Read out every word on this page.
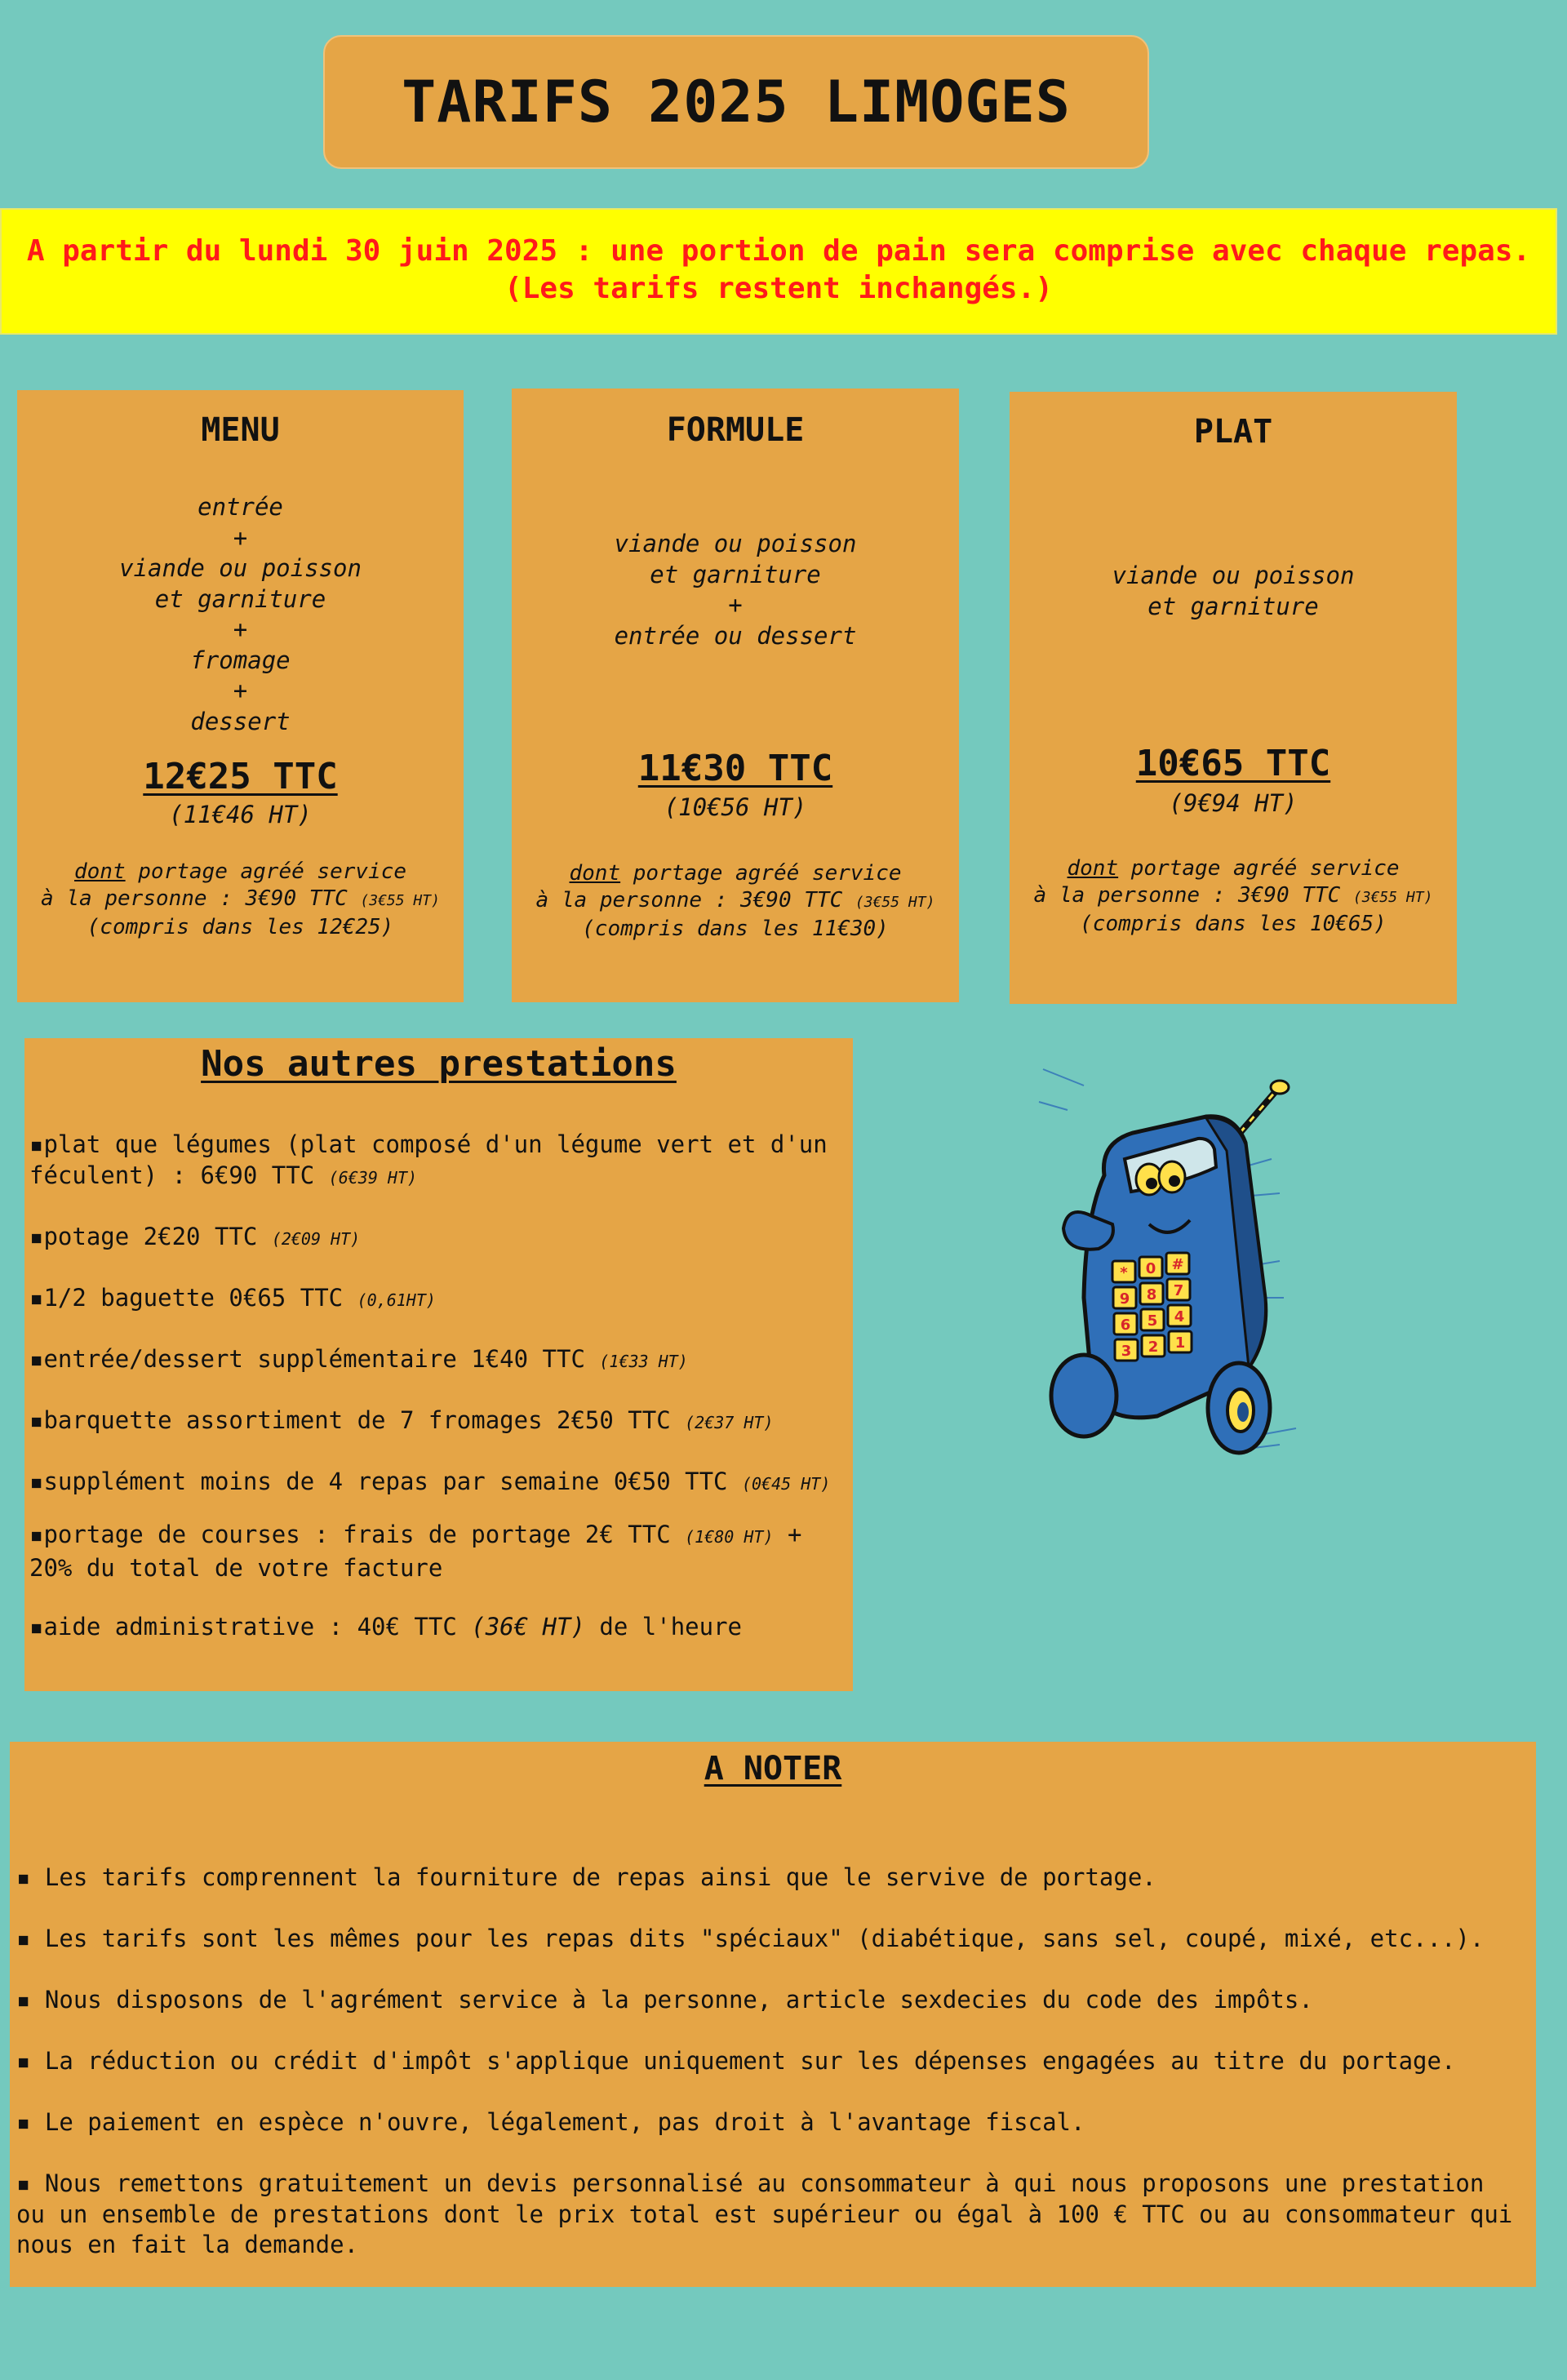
TARIFS 2025 LIMOGES
A partir du lundi 30 juin 2025 : une portion de pain sera comprise avec chaque repas.
(Les tarifs restent inchangés.)
MENU
entrée
+
viande ou poisson
et garniture
+
fromage
+
dessert
12€25 TTC
(11€46 HT)
dont portage agréé service
à la personne : 3€90 TTC (3€55 HT)
(compris dans les 12€25)
FORMULE
viande ou poisson
et garniture
+
entrée ou dessert
11€30 TTC
(10€56 HT)
dont portage agréé service
à la personne : 3€90 TTC (3€55 HT)
(compris dans les 11€30)
PLAT
viande ou poisson
et garniture
10€65 TTC
(9€94 HT)
dont portage agréé service
à la personne : 3€90 TTC (3€55 HT)
(compris dans les 10€65)
Nos autres prestations
▪plat que légumes (plat composé d'un légume vert et d'un
féculent) : 6€90 TTC (6€39 HT)
▪potage 2€20 TTC (2€09 HT)
▪1/2 baguette 0€65 TTC (0,61HT)
▪entrée/dessert supplémentaire 1€40 TTC (1€33 HT)
▪barquette assortiment de 7 fromages 2€50 TTC (2€37 HT)
▪supplément moins de 4 repas par semaine 0€50 TTC (0€45 HT)
▪portage de courses : frais de portage 2€ TTC (1€80 HT) +
20% du total de votre facture
▪aide administrative : 40€ TTC (36€ HT) de l'heure
* 0 #
9 8 7
6 5 4
3 2 1
A NOTER
▪ Les tarifs comprennent la fourniture de repas ainsi que le servive de portage.
▪ Les tarifs sont les mêmes pour les repas dits "spéciaux" (diabétique, sans sel, coupé, mixé, etc...).
▪ Nous disposons de l'agrément service à la personne, article sexdecies du code des impôts.
▪ La réduction ou crédit d'impôt s'applique uniquement sur les dépenses engagées au titre du portage.
▪ Le paiement en espèce n'ouvre, légalement, pas droit à l'avantage fiscal.
▪ Nous remettons gratuitement un devis personnalisé au consommateur à qui nous proposons une prestation
ou un ensemble de prestations dont le prix total est supérieur ou égal à 100 € TTC ou au consommateur qui
nous en fait la demande.
